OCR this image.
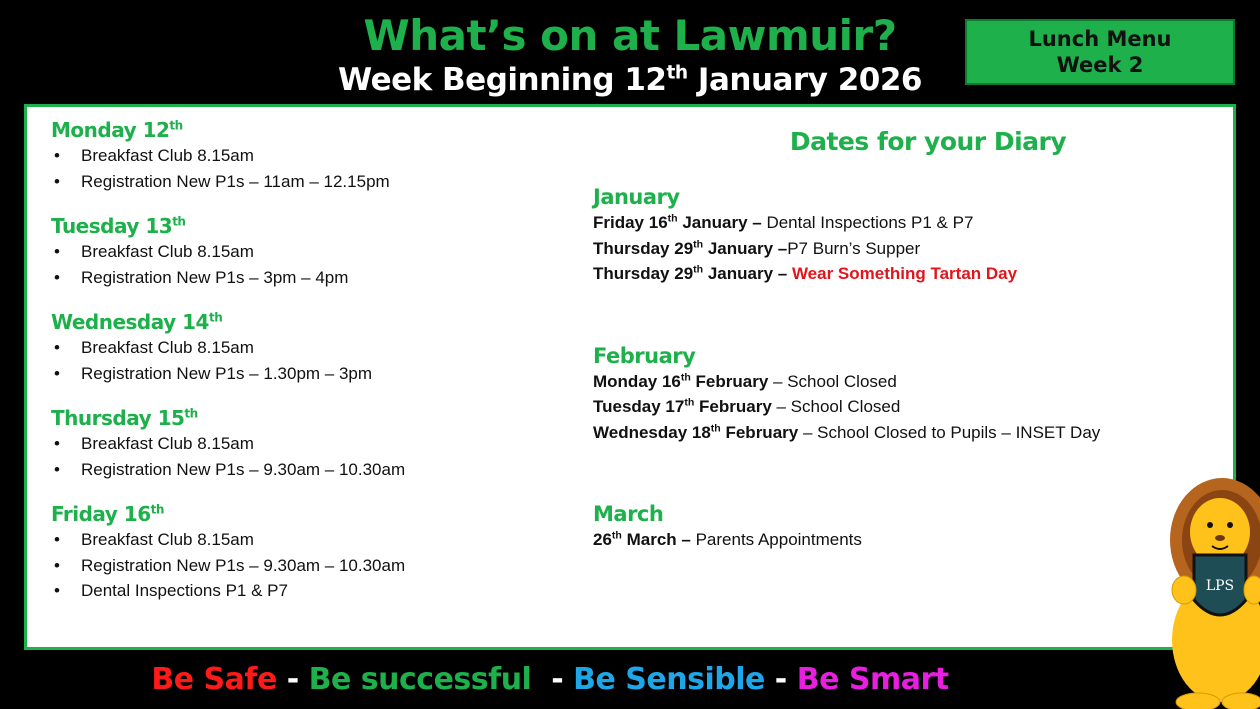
What’s on at Lawmuir?
Week Beginning 12th January 2026
Lunch Menu
Week 2

Monday 12th

• Breakfast Club 8.15am
• Registration New P1s – 11am – 12.15pm

Tuesday 13th

• Breakfast Club 8.15am
• Registration New P1s – 3pm – 4pm

Wednesday 14th

• Breakfast Club 8.15am
• Registration New P1s – 1.30pm – 3pm

Thursday 15th

• Breakfast Club 8.15am
• Registration New P1s – 9.30am – 10.30am

Friday 16th

• Breakfast Club 8.15am
• Registration New P1s – 9.30am – 10.30am
• Dental Inspections P1 & P7
Dates for your Diary

January

Friday 16th January – Dental Inspections P1 & P7
Thursday 29th January –P7 Burn’s Supper
Thursday 29th January – Wear Something Tartan Day

February

Monday 16th February – School Closed
Tuesday 17th February – School Closed
Wednesday 18th February – School Closed to Pupils – INSET Day

March

26th March – Parents Appointments
Be Safe - Be successful  - Be Sensible - Be Smart
LPS
